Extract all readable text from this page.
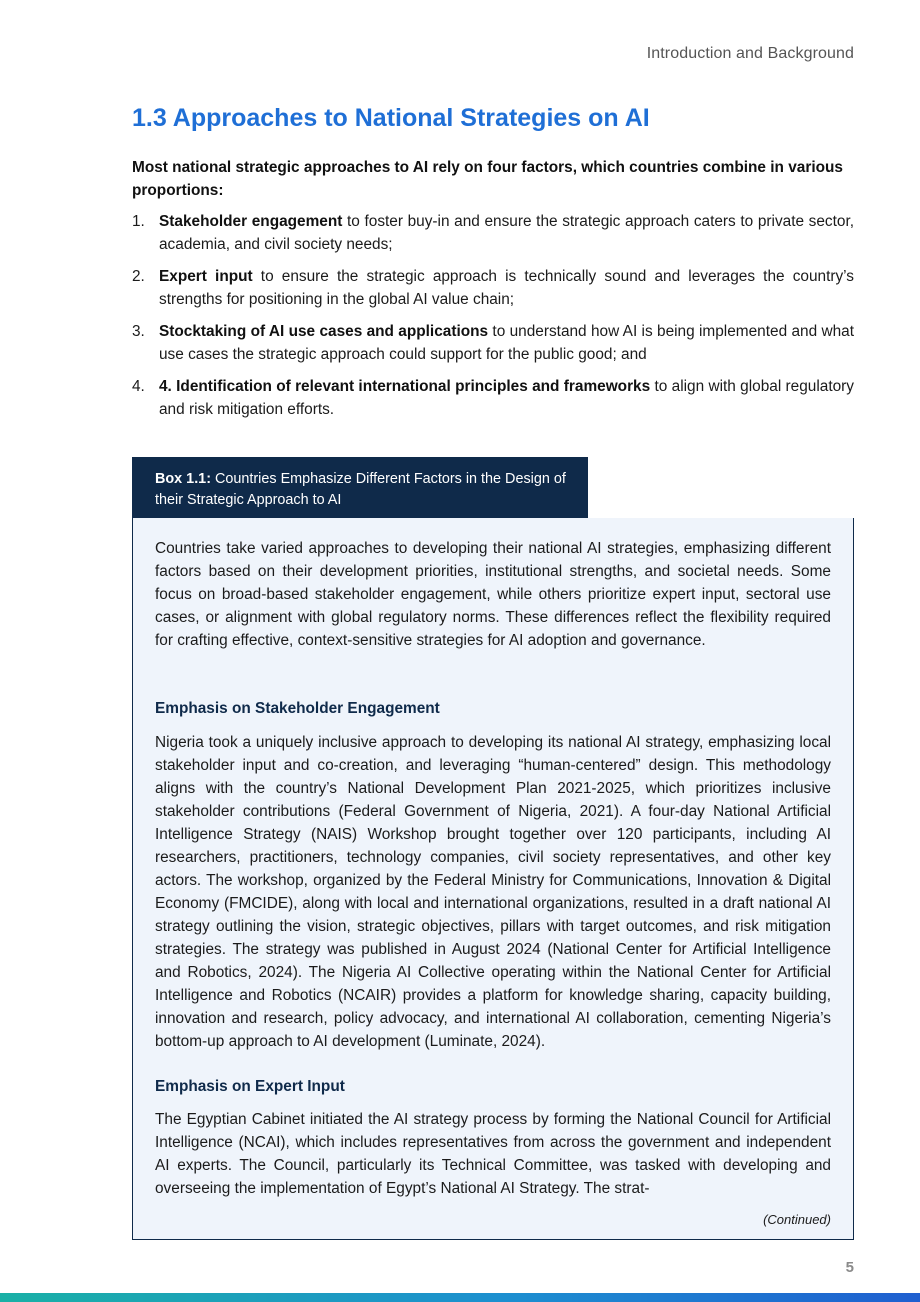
Introduction and Background
1.3 Approaches to National Strategies on AI

Most national strategic approaches to AI rely on four factors, which countries combine in various proportions:

1. Stakeholder engagement to foster buy-in and ensure the strategic approach caters to private sector, academia, and civil society needs;
2. Expert input to ensure the strategic approach is technically sound and leverages the country’s strengths for positioning in the global AI value chain;
3. Stocktaking of AI use cases and applications to understand how AI is being implemented and what use cases the strategic approach could support for the public good; and
4. 4. Identification of relevant international principles and frameworks to align with global regulatory and risk mitigation efforts.
Box 1.1: Countries Emphasize Different Factors in the Design of their Strategic Approach to AI

Countries take varied approaches to developing their national AI strategies, emphasizing different factors based on their development priorities, institutional strengths, and societal needs. Some focus on broad-based stakeholder engagement, while others prioritize expert input, sectoral use cases, or alignment with global regulatory norms. These differences reflect the flexibility required for crafting effective, context-sensitive strategies for AI adoption and governance.

Emphasis on Stakeholder Engagement

Nigeria took a uniquely inclusive approach to developing its national AI strategy, emphasizing local stakeholder input and co-creation, and leveraging “human-centered” design. This methodology aligns with the country’s National Development Plan 2021-2025, which prioritizes inclusive stakeholder contributions (Federal Government of Nigeria, 2021). A four-day National Artificial Intelligence Strategy (NAIS) Workshop brought together over 120 participants, including AI researchers, practitioners, technology companies, civil society representatives, and other key actors. The workshop, organized by the Federal Ministry for Communications, Innovation & Digital Economy (FMCIDE), along with local and international organizations, resulted in a draft national AI strategy outlining the vision, strategic objectives, pillars with target outcomes, and risk mitigation strategies. The strategy was published in August 2024 (National Center for Artificial Intelligence and Robotics, 2024). The Nigeria AI Collective operating within the National Center for Artificial Intelligence and Robotics (NCAIR) provides a platform for knowledge sharing, capacity building, innovation and research, policy advocacy, and international AI collaboration, cementing Nigeria’s bottom-up approach to AI development (Luminate, 2024).

Emphasis on Expert Input

The Egyptian Cabinet initiated the AI strategy process by forming the National Council for Artificial Intelligence (NCAI), which includes representatives from across the government and independent AI experts. The Council, particularly its Technical Committee, was tasked with developing and overseeing the implementation of Egypt’s National AI Strategy. The strat-

(Continued)
5
